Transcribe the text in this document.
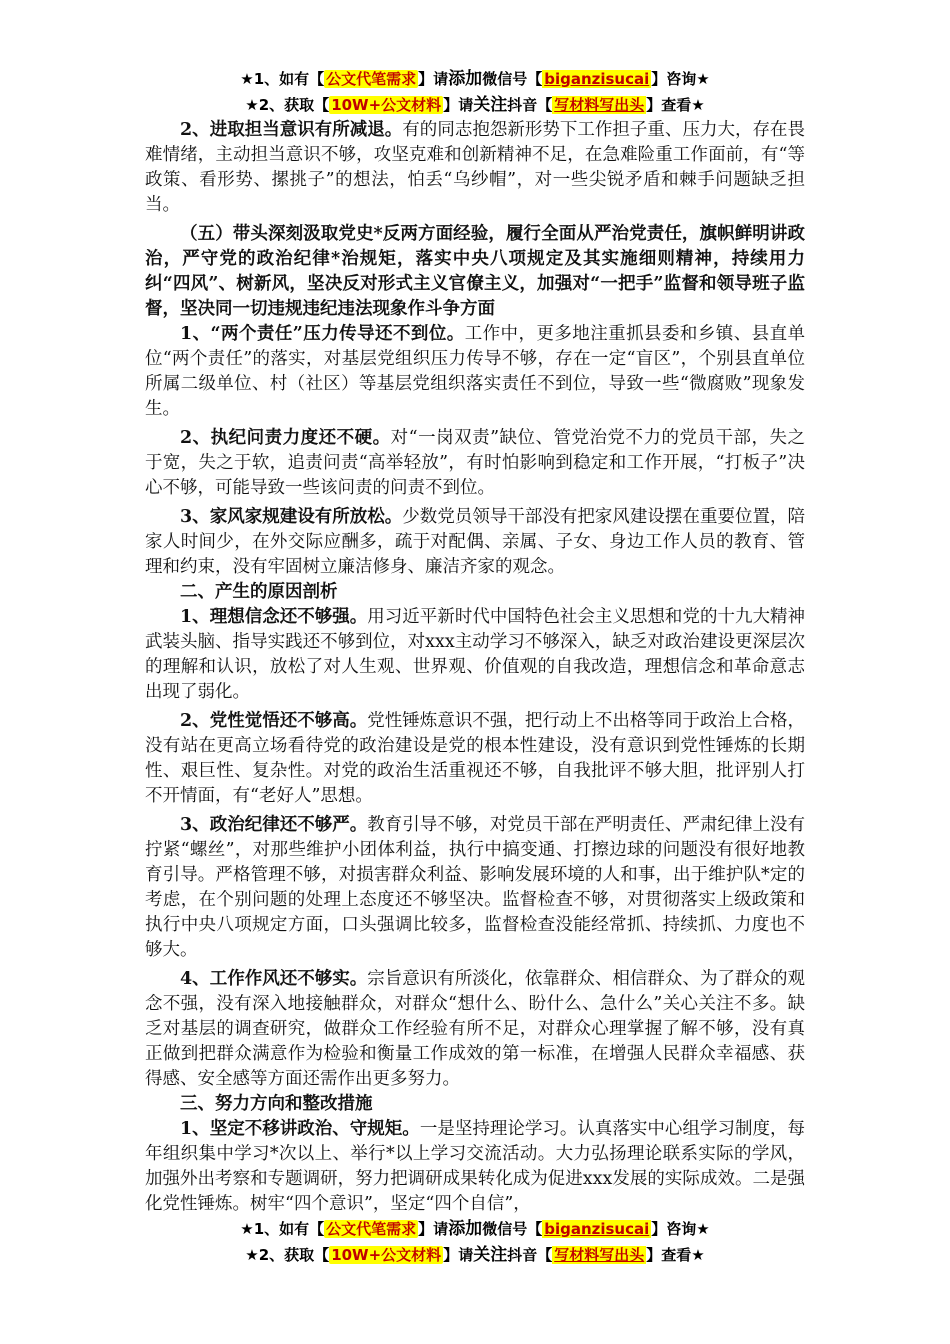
★1、如有【 公文代笔需求 】请添加微信号【 biganzisucai 】咨询★
★2、获取【 10W+公文材料 】请关注抖音【 写材料写出头 】查看★

2、进取担当意识有所减退。有的同志抱怨新形势下工作担子重、压力大，存在畏难情绪，主动担当意识不够，攻坚克难和创新精神不足，在急难险重工作面前，有“等政策、看形势、摞挑子”的想法，怕丢“乌纱帽”，对一些尖锐矛盾和棘手问题缺乏担当。

（五）带头深刻汲取党史*反两方面经验，履行全面从严治党责任，旗帜鲜明讲政治，严守党的政治纪律*治规矩，落实中央八项规定及其实施细则精神，持续用力纠“四风”、树新风，坚决反对形式主义官僚主义，加强对“一把手”监督和领导班子监督，坚决同一切违规违纪违法现象作斗争方面

1、“两个责任”压力传导还不到位。工作中，更多地注重抓县委和乡镇、县直单位“两个责任”的落实，对基层党组织压力传导不够，存在一定“盲区”，个别县直单位所属二级单位、村（社区）等基层党组织落实责任不到位，导致一些“微腐败”现象发生。

2、执纪问责力度还不硬。对“一岗双责”缺位、管党治党不力的党员干部，失之于宽，失之于软，追责问责“高举轻放”，有时怕影响到稳定和工作开展，“打板子”决心不够，可能导致一些该问责的问责不到位。

3、家风家规建设有所放松。少数党员领导干部没有把家风建设摆在重要位置，陪家人时间少，在外交际应酬多，疏于对配偶、亲属、子女、身边工作人员的教育、管理和约束，没有牢固树立廉洁修身、廉洁齐家的观念。

二、产生的原因剖析

1、理想信念还不够强。用习近平新时代中国特色社会主义思想和党的十九大精神武装头脑、指导实践还不够到位，对xxx主动学习不够深入，缺乏对政治建设更深层次的理解和认识，放松了对人生观、世界观、价值观的自我改造，理想信念和革命意志出现了弱化。

2、党性觉悟还不够高。党性锤炼意识不强，把行动上不出格等同于政治上合格，没有站在更高立场看待党的政治建设是党的根本性建设，没有意识到党性锤炼的长期性、艰巨性、复杂性。对党的政治生活重视还不够，自我批评不够大胆，批评别人打不开情面，有“老好人”思想。

3、政治纪律还不够严。教育引导不够，对党员干部在严明责任、严肃纪律上没有拧紧“螺丝”，对那些维护小团体利益，执行中搞变通、打擦边球的问题没有很好地教育引导。严格管理不够，对损害群众利益、影响发展环境的人和事，出于维护队*定的考虑，在个别问题的处理上态度还不够坚决。监督检查不够，对贯彻落实上级政策和执行中央八项规定方面，口头强调比较多，监督检查没能经常抓、持续抓、力度也不够大。

4、工作作风还不够实。宗旨意识有所淡化，依靠群众、相信群众、为了群众的观念不强，没有深入地接触群众，对群众“想什么、盼什么、急什么”关心关注不多。缺乏对基层的调查研究，做群众工作经验有所不足，对群众心理掌握了解不够，没有真正做到把群众满意作为检验和衡量工作成效的第一标准，在增强人民群众幸福感、获得感、安全感等方面还需作出更多努力。

三、努力方向和整改措施

1、坚定不移讲政治、守规矩。一是坚持理论学习。认真落实中心组学习制度，每年组织集中学习*次以上、举行*以上学习交流活动。大力弘扬理论联系实际的学风，加强外出考察和专题调研，努力把调研成果转化成为促进xxx发展的实际成效。二是强化党性锤炼。树牢“四个意识”，坚定“四个自信”，

★1、如有【 公文代笔需求 】请添加微信号【 biganzisucai 】咨询★
★2、获取【 10W+公文材料 】请关注抖音【 写材料写出头 】查看★
